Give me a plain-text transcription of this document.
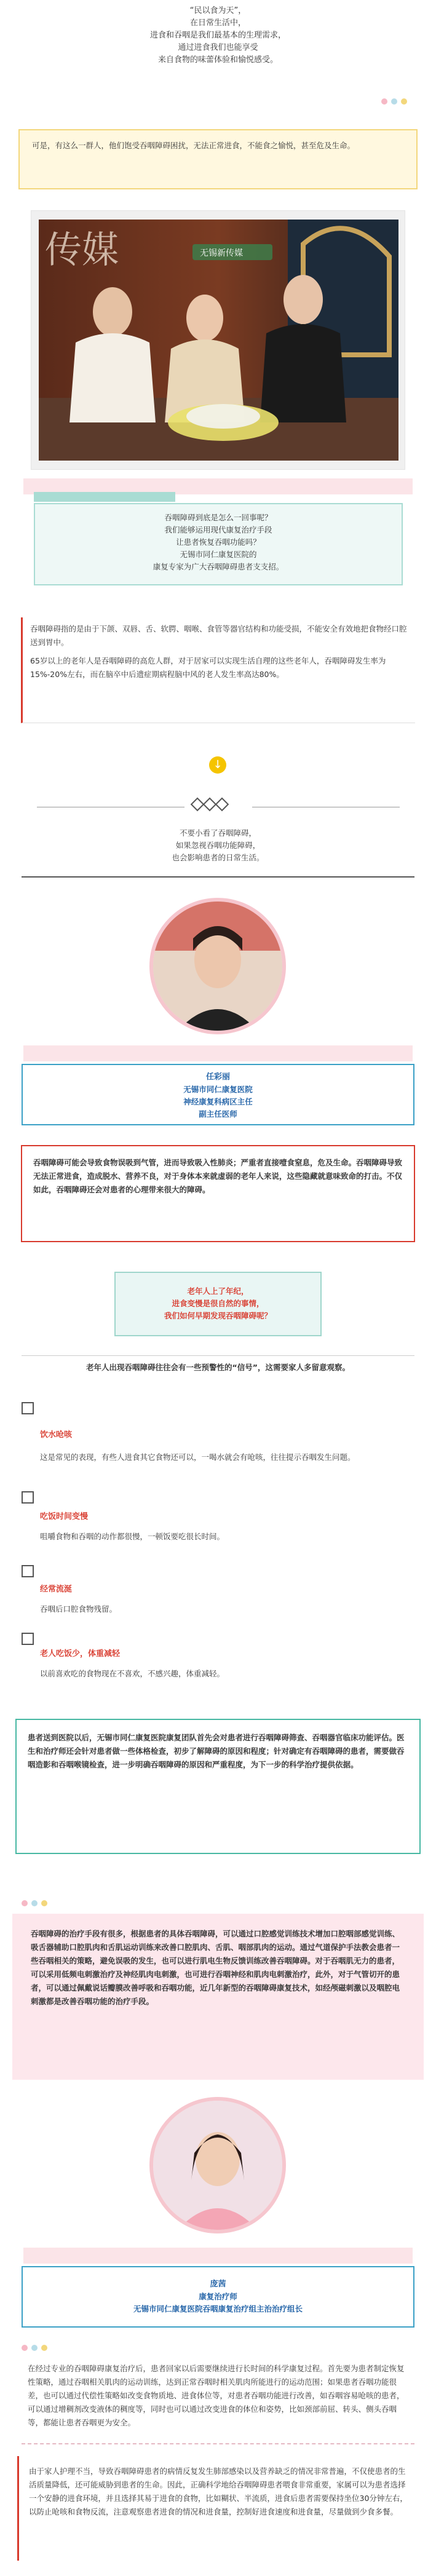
“民以食为天”，
在日常生活中，
进食和吞咽是我们最基本的生理需求，
通过进食我们也能享受
来自食物的味蕾体验和愉悦感受。

可是，有这么一群人，他们饱受吞咽障碍困扰，无法正常进食，不能食之愉悦，甚至危及生命。

传媒	无锡新传媒
吞咽障碍到底是怎么一回事呢？
我们能够运用现代康复治疗手段
让患者恢复吞咽功能吗？
无锡市同仁康复医院的
康复专家为广大吞咽障碍患者支支招。

吞咽障碍指的是由于下颌、双唇、舌、软腭、咽喉、食管等器官结构和功能受损，不能安全有效地把食物经口腔送到胃中。

65岁以上的老年人是吞咽障碍的高危人群，对于居家可以实现生活自理的这些老年人，吞咽障碍发生率为15%-20%左右，而在脑卒中后遗症期病程脑中风的老人发生率高达80%。

↓
不要小看了吞咽障碍，
如果忽视吞咽功能障碍，
也会影响患者的日常生活。
任彩丽
无锡市同仁康复医院
神经康复科病区主任
副主任医师

吞咽障碍可能会导致食物误吸到气管，进而导致吸入性肺炎；严重者直接噎食窒息，危及生命。吞咽障碍导致无法正常进食，造成脱水、营养不良，对于身体本来就虚弱的老年人来说，这些隐藏就意味致命的打击。不仅如此，吞咽障碍还会对患者的心理带来很大的障碍。

老年人上了年纪，
进食变慢是很自然的事情，
我们如何早期发现吞咽障碍呢？

老年人出现吞咽障碍往往会有一些预警性的“信号”，这需要家人多留意观察。

饮水呛咳
这是常见的表现，有些人进食其它食物还可以，一喝水就会有呛咳，往往提示吞咽发生问题。
吃饭时间变慢
咀嚼食物和吞咽的动作都很慢，一顿饭要吃很长时间。
经常流涎
吞咽后口腔食物残留。
老人吃饭少，体重减轻
以前喜欢吃的食物现在不喜欢，不感兴趣，体重减轻。

患者送到医院以后，无锡市同仁康复医院康复团队首先会对患者进行吞咽障碍筛查、吞咽器官临床功能评估。医生和治疗师还会针对患者做一些体格检查，初步了解障碍的原因和程度；针对确定有吞咽障碍的患者，需要做吞咽造影和吞咽喉镜检查，进一步明确吞咽障碍的原因和严重程度，为下一步的科学治疗提供依据。

吞咽障碍的治疗手段有很多，根据患者的具体吞咽障碍，可以通过口腔感觉训练技术增加口腔咽部感觉训练、吸舌器辅助口腔肌肉和舌肌运动训练来改善口腔肌肉、舌肌、咽部肌肉的运动。通过气道保护手法教会患者一些吞咽相关的策略，避免误吸的发生，也可以进行肌电生物反馈训练改善吞咽障碍。对于吞咽肌无力的患者，可以采用低频电刺激治疗及神经肌肉电刺激，也可进行吞咽神经和肌肉电刺激治疗，此外，对于气管切开的患者，可以通过佩戴说话瓣膜改善呼吸和吞咽功能，近几年新型的吞咽障碍康复技术，如经颅磁刺激以及咽腔电刺激都是改善吞咽功能的治疗手段。

庞茜
康复治疗师
无锡市同仁康复医院吞咽康复治疗组主治治疗组长

在经过专业的吞咽障碍康复治疗后，患者回家以后需要继续进行长时间的科学康复过程。首先要为患者制定恢复性策略，通过吞咽相关肌肉的运动训练，达到正常吞咽时相关肌肉所能进行的运动范围；如果患者吞咽功能很差，也可以通过代偿性策略如改变食物质地、进食体位等，对患者吞咽功能进行改善，如吞咽容易呛咳的患者，可以通过增稠剂改变液体的稠度等，同时也可以通过改变进食的体位和姿势，比如颈部前屈、转头、侧头吞咽等，都能让患者吞咽更为安全。

由于家人护理不当，导致吞咽障碍患者的病情反复发生肺部感染以及营养缺乏的情况非常普遍，不仅使患者的生活质量降低，还可能威胁到患者的生命。因此，正确科学地给吞咽障碍患者喂食非常重要，家属可以为患者选择一个安静的进食环境，并且选择其易于进食的食物，比如糊状、半流质，进食后患者需要保持坐位30分钟左右，以防止呛咳和食物反流，注意观察患者进食的情况和进食量，控制好进食速度和进食量，尽量做到少食多餐。
